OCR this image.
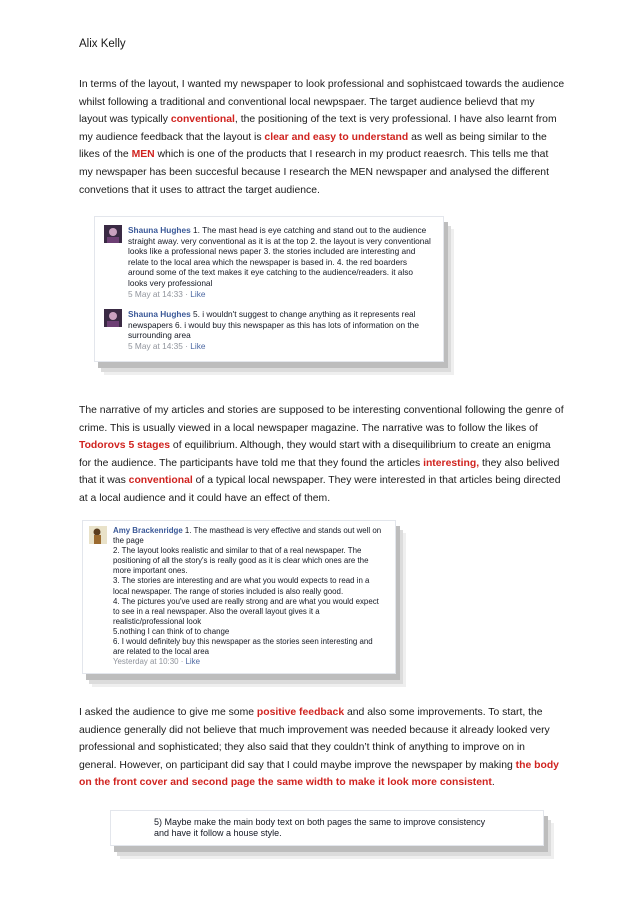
Alix Kelly
In terms of the layout, I wanted my newspaper to look professional and sophistcaed towards the audience whilst following a traditional and conventional local newpspaer. The target audience believd that my layout was typically conventional, the positioning of the text is very professional. I have also learnt from my audience feedback that the layout is clear and easy to understand as well as being similar to the likes of the MEN which is one of the products that I research in my product reaesrch. This tells me that my newspaper has been succesful because I research the MEN newspaper and analysed the different convetions that it uses to attract the target audience.
Shauna Hughes 1. The mast head is eye catching and stand out to the audience straight away. very conventional as it is at the top 2. the layout is very conventional looks like a professional news paper 3. the stories included are interesting and relate to the local area which the newspaper is based in. 4. the red boarders around some of the text makes it eye catching to the audience/readers. it also looks very professional
5 May at 14:33 · Like
Shauna Hughes 5. i wouldn't suggest to change anything as it represents real newspapers 6. i would buy this newspaper as this has lots of information on the surrounding area
5 May at 14:35 · Like
The narrative of my articles and stories are supposed to be interesting conventional following the genre of crime. This is usually viewed in a local newspaper magazine. The narrative was to follow the likes of Todorovs 5 stages of equilibrium. Although, they would start with a disequilibrium to create an enigma for the audience. The participants have told me that they found the articles interesting, they also belived that it was conventional of a typical local newspaper. They were interested in that articles being directed at a local audience and it could have an effect of them.
Amy Brackenridge 1. The masthead is very effective and stands out well on the page
2. The layout looks realistic and similar to that of a real newspaper. The positioning of all the story's is really good as it is clear which ones are the more important ones.
3. The stories are interesting and are what you would expects to read in a local newspaper. The range of stories included is also really good.
4. The pictures you've used are really strong and are what you would expect to see in a real newspaper. Also the overall layout gives it a realistic/professional look
5.nothing I can think of to change
6. I would definitely buy this newspaper as the stories seen interesting and are related to the local area
Yesterday at 10:30 · Like
I asked the audience to give me some positive feedback and also some improvements. To start, the audience generally did not believe that much improvement was needed because it already looked very professional and sophisticated; they also said that they couldn’t think of anything to improve on in general. However, on participant did say that I could maybe improve the newspaper by making the body on the front cover and second page the same width to make it look more consistent.
5) Maybe make the main body text on both pages the same to improve consistency and have it follow a house style.
